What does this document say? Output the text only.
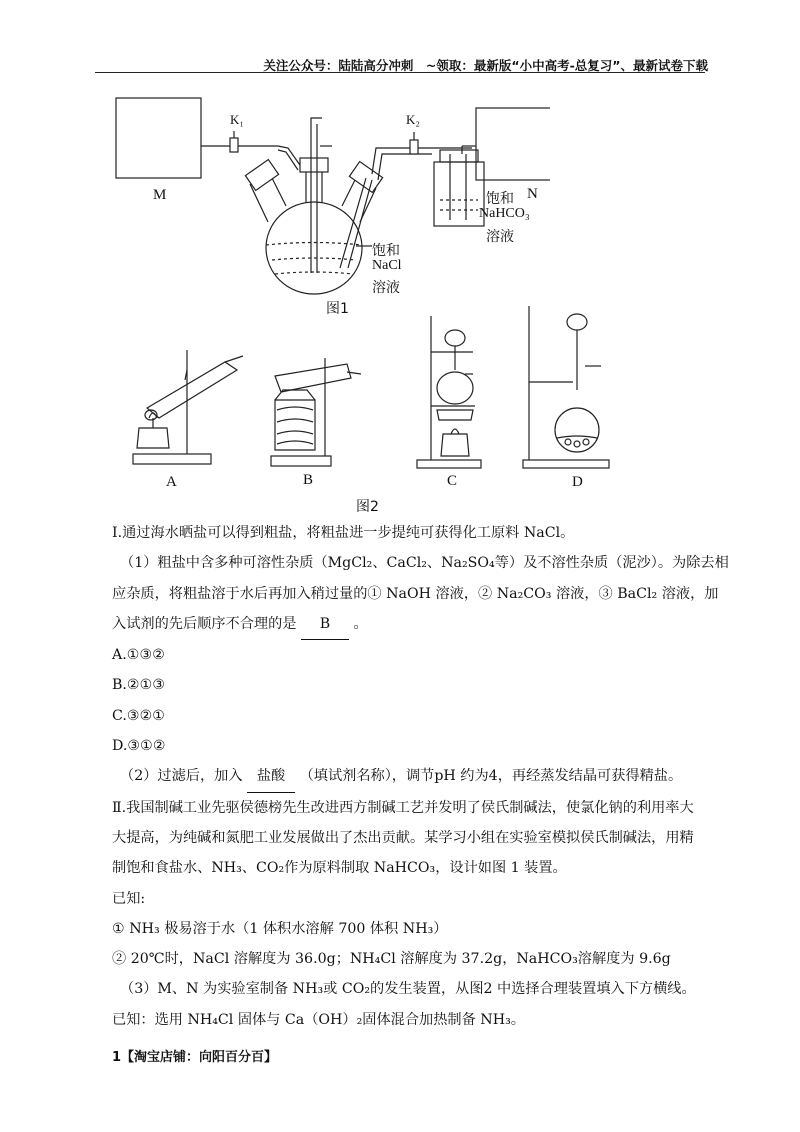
关注公众号：陆陆高分冲刺　~领取：最新版“小中高考-总复习”、最新试卷下载
M
K₁	K₂
N
饱和
NaHCO₃
溶液
饱和
NaCl
溶液
图1
A	B	C	D
图2

Ⅰ.通过海水晒盐可以得到粗盐，将粗盐进一步提纯可获得化工原料 NaCl。

（1）粗盐中含多种可溶性杂质（MgCl₂、CaCl₂、Na₂SO₄等）及不溶性杂质（泥沙）。为除去相

应杂质，将粗盐溶于水后再加入稍过量的① NaOH 溶液，② Na₂CO₃ 溶液，③ BaCl₂ 溶液，加

入试剂的先后顺序不合理的是 B 。

A.①③②

B.②①③

C.③②①

D.③①②

（2）过滤后，加入 盐酸 （填试剂名称），调节pH 约为4，再经蒸发结晶可获得精盐。

Ⅱ.我国制碱工业先驱侯德榜先生改进西方制碱工艺并发明了侯氏制碱法，使氯化钠的利用率大

大提高，为纯碱和氮肥工业发展做出了杰出贡献。某学习小组在实验室模拟侯氏制碱法，用精

制饱和食盐水、NH₃、CO₂作为原料制取 NaHCO₃，设计如图 1 装置。

已知:

① NH₃ 极易溶于水（1 体积水溶解 700 体积 NH₃）

② 20℃时，NaCl 溶解度为 36.0g；NH₄Cl 溶解度为 37.2g，NaHCO₃溶解度为 9.6g

（3）M、N 为实验室制备 NH₃或 CO₂的发生装置，从图2 中选择合理装置填入下方横线。

已知：选用 NH₄Cl 固体与 Ca（OH）₂固体混合加热制备 NH₃。

1【淘宝店铺：向阳百分百】
